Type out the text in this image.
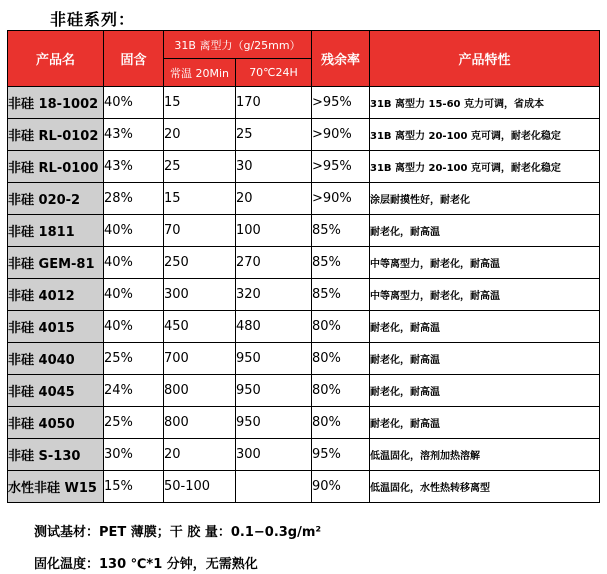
非硅系列：
产品名	固含	31B 离型力（g/25mm）		残余率	产品特性
		常温 20Min	70℃24H		
非硅 18-1002	40%	15	170	>95%	31B 离型力 15-60 克力可调，省成本
非硅 RL-0102	43%	20	25	>90%	31B 离型力 20-100 克可调，耐老化稳定
非硅 RL-0100	43%	25	30	>95%	31B 离型力 20-100 克可调，耐老化稳定
非硅 020-2	28%	15	20	>90%	涂层耐摸性好，耐老化
非硅 1811	40%	70	100	85%	耐老化，耐高温
非硅 GEM-81	40%	250	270	85%	中等离型力，耐老化，耐高温
非硅 4012	40%	300	320	85%	中等离型力，耐老化，耐高温
非硅 4015	40%	450	480	80%	耐老化，耐高温
非硅 4040	25%	700	950	80%	耐老化，耐高温
非硅 4045	24%	800	950	80%	耐老化，耐高温
非硅 4050	25%	800	950	80%	耐老化，耐高温
非硅 S-130	30%	20	300	95%	低温固化，溶剂加热溶解
水性非硅 W15	15%	50-100		90%	低温固化，水性热转移离型
测试基材：PET 薄膜；干 胶 量：0.1−0.3g/m²
固化温度：130 ℃*1 分钟，无需熟化
